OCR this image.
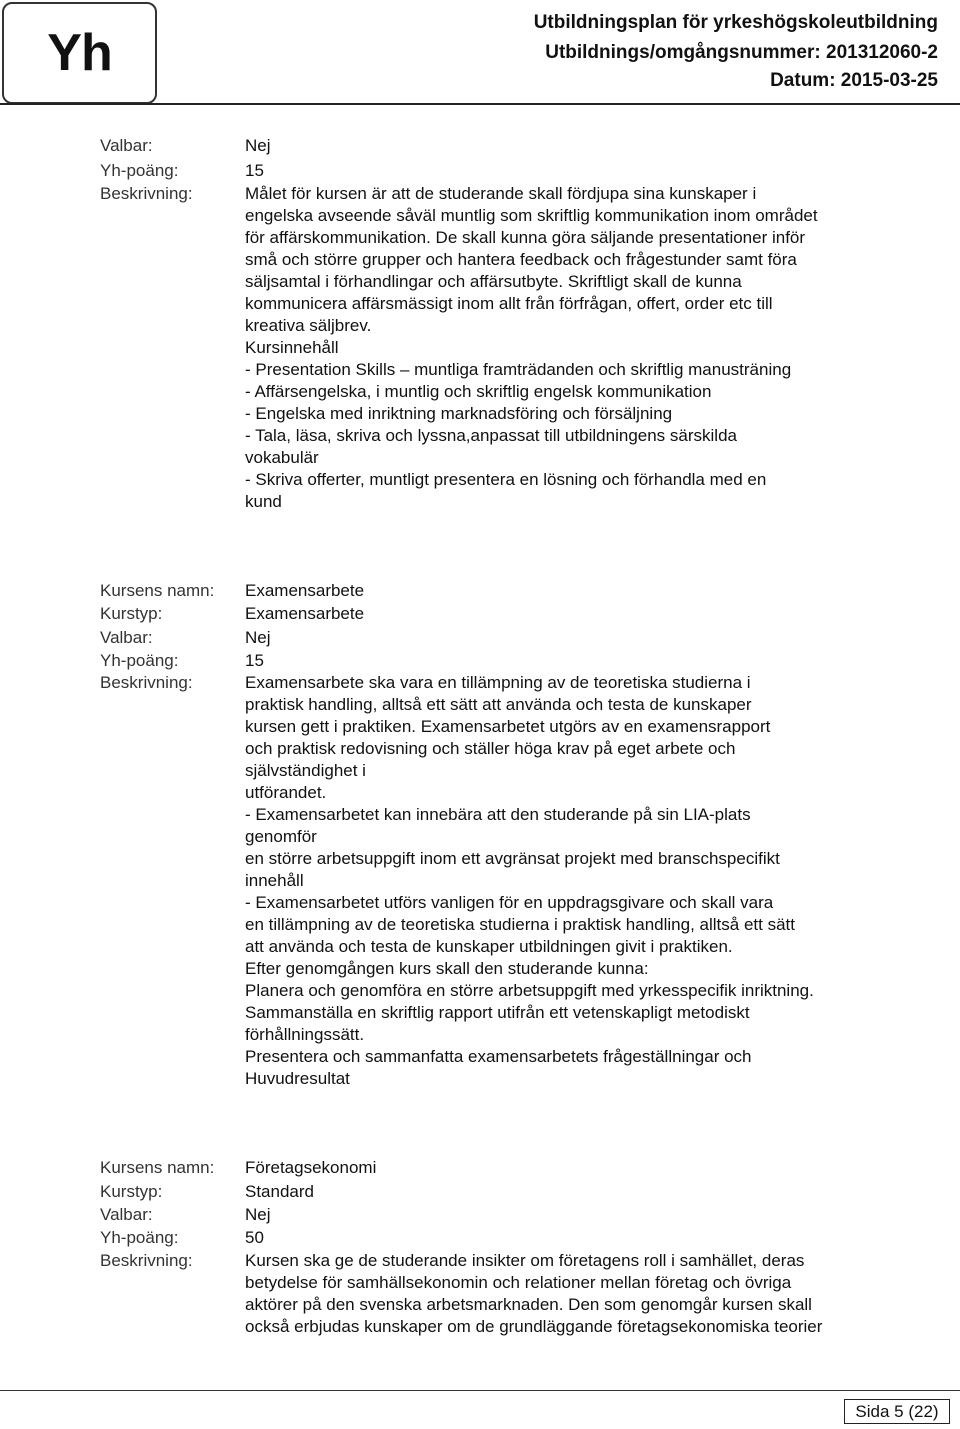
Yh
Utbildningsplan för yrkeshögskoleutbildning
Utbildnings/omgångsnummer: 201312060-2
Datum: 2015-03-25
Valbar:	Nej
Yh-poäng:	15
Beskrivning:	Målet för kursen är att de studerande skall fördjupa sina kunskaper i
engelska avseende såväl muntlig som skriftlig kommunikation inom området
för affärskommunikation. De skall kunna göra säljande presentationer inför
små och större grupper och hantera feedback och frågestunder samt föra
säljsamtal i förhandlingar och affärsutbyte. Skriftligt skall de kunna
kommunicera affärsmässigt inom allt från förfrågan, offert, order etc till
kreativa säljbrev.
Kursinnehåll
- Presentation Skills – muntliga framträdanden och skriftlig manusträning
- Affärsengelska, i muntlig och skriftlig engelsk kommunikation
- Engelska med inriktning marknadsföring och försäljning
- Tala, läsa, skriva och lyssna,anpassat till utbildningens särskilda
vokabulär
- Skriva offerter, muntligt presentera en lösning och förhandla med en
kund
Kursens namn:	Examensarbete
Kurstyp:	Examensarbete
Valbar:	Nej
Yh-poäng:	15
Beskrivning:	Examensarbete ska vara en tillämpning av de teoretiska studierna i
praktisk handling, alltså ett sätt att använda och testa de kunskaper
kursen gett i praktiken. Examensarbetet utgörs av en examensrapport
och praktisk redovisning och ställer höga krav på eget arbete och
självständighet i
utförandet.
- Examensarbetet kan innebära att den studerande på sin LIA-plats
genomför
en större arbetsuppgift inom ett avgränsat projekt med branschspecifikt
innehåll
- Examensarbetet utförs vanligen för en uppdragsgivare och skall vara
en tillämpning av de teoretiska studierna i praktisk handling, alltså ett sätt
att använda och testa de kunskaper utbildningen givit i praktiken.
Efter genomgången kurs skall den studerande kunna:
Planera och genomföra en större arbetsuppgift med yrkesspecifik inriktning.
Sammanställa en skriftlig rapport utifrån ett vetenskapligt metodiskt
förhållningssätt.
Presentera och sammanfatta examensarbetets frågeställningar och
Huvudresultat
Kursens namn:	Företagsekonomi
Kurstyp:	Standard
Valbar:	Nej
Yh-poäng:	50
Beskrivning:	Kursen ska ge de studerande insikter om företagens roll i samhället, deras
betydelse för samhällsekonomin och relationer mellan företag och övriga
aktörer på den svenska arbetsmarknaden. Den som genomgår kursen skall
också erbjudas kunskaper om de grundläggande företagsekonomiska teorier
Sida 5 (22)
